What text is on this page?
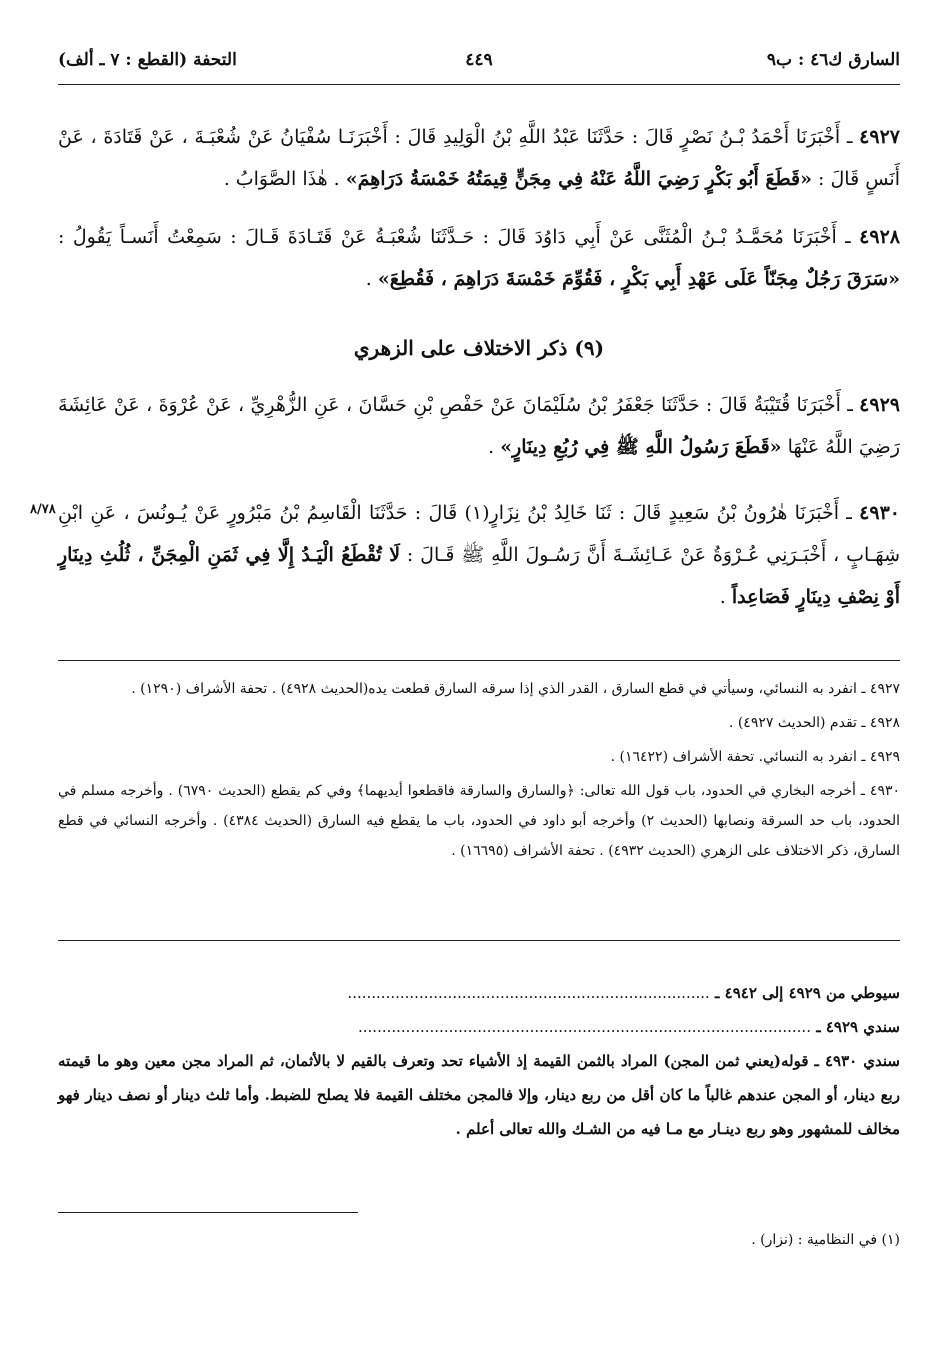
السارق ك٤٦ : ب٩
٤٤٩
التحفة (القطع : ٧ ـ ألف)
٤٩٢٧ ـ أَخْبَرَنَا أَحْمَدُ بْـنُ نَصْرٍ قَالَ : حَدَّثَنَا عَبْدُ اللَّهِ بْنُ الْوَلِيدِ قَالَ : أَخْبَرَنَـا سُفْيَانُ عَنْ شُعْبَـةَ ، عَنْ قَتَادَةَ ، عَنْ أَنَسٍ قَالَ : «قَطَعَ أَبُو بَكْرٍ رَضِيَ اللَّهُ عَنْهُ فِي مِجَنٍّ قِيمَتُهُ خَمْسَةُ دَرَاهِمَ» . هٰذَا الصَّوَابُ .
٤٩٢٨ ـ أَخْبَرَنَا مُحَمَّـدُ بْـنُ الْمُثَنَّى عَنْ أَبِي دَاوُدَ قَالَ : حَـدَّثَنَا شُعْبَـةُ عَنْ قَتَـادَةَ قَـالَ : سَمِعْتُ أَنَسـاً يَقُولُ : «سَرَقَ رَجُلٌ مِجَنّاً عَلَى عَهْدِ أَبِي بَكْرٍ ، فَقُوِّمَ خَمْسَةَ دَرَاهِمَ ، فَقُطِعَ» .
(٩) ذكر الاختلاف على الزهري
٤٩٢٩ ـ أَخْبَرَنَا قُتَيْبَةُ قَالَ : حَدَّثَنَا جَعْفَرُ بْنُ سُلَيْمَانَ عَنْ حَفْصِ بْنِ حَسَّانَ ، عَنِ الزُّهْرِيِّ ، عَنْ عُرْوَةَ ، عَنْ عَائِشَةَ رَضِيَ اللَّهُ عَنْهَا «قَطَعَ رَسُولُ اللَّهِ ﷺ فِي رُبُعِ دِينَارٍ» .
٨/٧٨	٤٩٣٠ ـ أَخْبَرَنَا هٰرُونُ بْنُ سَعِيدٍ قَالَ : ثَنَا خَالِدُ بْنُ نِزَارٍ(١) قَالَ : حَدَّثَنَا الْقَاسِمُ بْنُ مَبْرُورٍ عَنْ يُـونُسَ ، عَنِ ابْنِ شِهَـابٍ ، أَخْبَـرَنِي عُـرْوَةُ عَنْ عَـائِشَـةَ أَنَّ رَسُـولَ اللَّهِ ﷺ قَـالَ : لَا تُقْطَعُ الْيَـدُ إِلَّا فِي ثَمَنِ الْمِجَنِّ ، ثُلُثِ دِينَارٍ أَوْ نِصْفِ دِينَارٍ فَصَاعِداً .

٤٩٢٧ ـ انفرد به النسائي، وسيأتي في قطع السارق ، القدر الذي إذا سرقه السارق قطعت يده(الحديث ٤٩٢٨) . تحفة الأشراف (١٢٩٠) .

٤٩٢٨ ـ تقدم (الحديث ٤٩٢٧) .

٤٩٢٩ ـ انفرد به النسائي. تحفة الأشراف (١٦٤٢٢) .

٤٩٣٠ ـ أخرجه البخاري في الحدود، باب قول الله تعالى: ﴿والسارق والسارقة فاقطعوا أيديهما﴾ وفي كم يقطع (الحديث ٦٧٩٠) . وأخرجه مسلم في الحدود، باب حد السرقة ونصابها (الحديث ٢) وأخرجه أبو داود في الحدود، باب ما يقطع فيه السارق (الحديث ٤٣٨٤) . وأخرجه النسائي في قطع السارق، ذكر الاختلاف على الزهري (الحديث ٤٩٣٢) . تحفة الأشراف (١٦٦٩٥) .

سيوطي من ٤٩٢٩ إلى ٤٩٤٢ ـ ............................................................................
سندي ٤٩٢٩ ـ ...............................................................................................
سندي ٤٩٣٠ ـ قوله(يعني ثمن المجن) المراد بالثمن القيمة إذ الأشياء تحد وتعرف بالقيم لا بالأثمان، ثم المراد مجن معين وهو ما قيمته ربع دينار، أو المجن عندهم غالباً ما كان أقل من ربع دينار، وإلا فالمجن مختلف القيمة فلا يصلح للضبط. وأما ثلث دينار أو نصف دينار فهو مخالف للمشهور وهو ربع دينـار مع مـا فيه من الشـك والله تعالى أعلم .
(١) في النظامية : (نزار) .
